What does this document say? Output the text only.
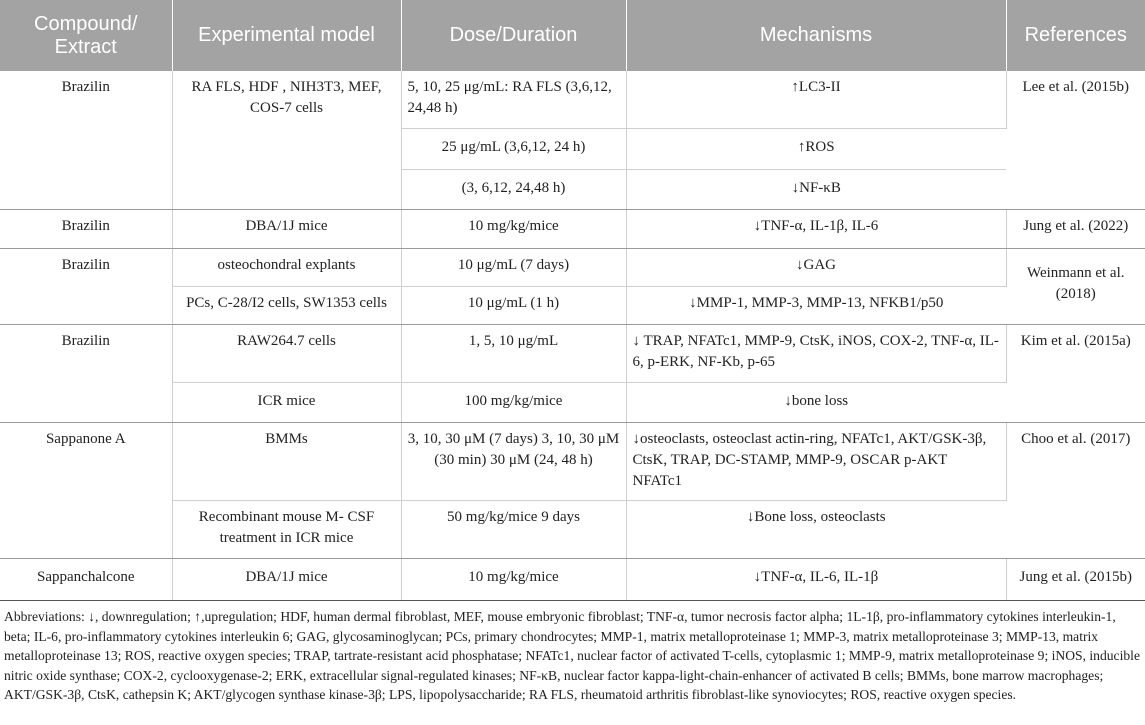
Compound/ Extract	Experimental model	Dose/Duration	Mechanisms	References
Brazilin	RA FLS, HDF , NIH3T3, MEF, COS-7 cells	5, 10, 25 μg/mL: RA FLS (3,6,12, 24,48 h)	↑LC3-II	Lee et al. (2015b)
		25 μg/mL (3,6,12, 24 h)	↑ROS	
		(3, 6,12, 24,48 h)	↓NF-κB	
Brazilin	DBA/1J mice	10 mg/kg/mice	↓TNF-α, IL-1β, IL-6	Jung et al. (2022)
Brazilin	osteochondral explants	10 μg/mL (7 days)	↓GAG	Weinmann et al. (2018)
	PCs, C-28/I2 cells, SW1353 cells	10 μg/mL (1 h)	↓MMP-1, MMP-3, MMP-13, NFKB1/p50	
Brazilin	RAW264.7 cells	1, 5, 10 μg/mL	↓ TRAP, NFATc1, MMP-9, CtsK, iNOS, COX-2, TNF-α, IL-6, p-ERK, NF-Kb, p-65	Kim et al. (2015a)
	ICR mice	100 mg/kg/mice	↓bone loss	
Sappanone A	BMMs	3, 10, 30 μM (7 days) 3, 10, 30 μM (30 min) 30 μM (24, 48 h)	↓osteoclasts, osteoclast actin-ring, NFATc1, AKT/GSK-3β, CtsK, TRAP, DC-STAMP, MMP-9, OSCAR p-AKT NFATc1	Choo et al. (2017)
	Recombinant mouse M- CSF treatment in ICR mice	50 mg/kg/mice 9 days	↓Bone loss, osteoclasts	
Sappanchalcone	DBA/1J mice	10 mg/kg/mice	↓TNF-α, IL-6, IL-1β	Jung et al. (2015b)

Abbreviations: ↓, downregulation; ↑,upregulation; HDF, human dermal fibroblast, MEF, mouse embryonic fibroblast; TNF-α, tumor necrosis factor alpha; 1L-1β, pro-inflammatory cytokines interleukin-1, beta; IL-6, pro-inflammatory cytokines interleukin 6; GAG, glycosaminoglycan; PCs, primary chondrocytes; MMP-1, matrix metalloproteinase 1; MMP-3, matrix metalloproteinase 3; MMP-13, matrix metalloproteinase 13; ROS, reactive oxygen species; TRAP, tartrate-resistant acid phosphatase; NFATc1, nuclear factor of activated T-cells, cytoplasmic 1; MMP-9, matrix metalloproteinase 9; iNOS, inducible nitric oxide synthase; COX-2, cyclooxygenase-2; ERK, extracellular signal-regulated kinases; NF-κB, nuclear factor kappa-light-chain-enhancer of activated B cells; BMMs, bone marrow macrophages; AKT/GSK-3β, CtsK, cathepsin K; AKT/glycogen synthase kinase-3β; LPS, lipopolysaccharide; RA FLS, rheumatoid arthritis fibroblast-like synoviocytes; ROS, reactive oxygen species.
